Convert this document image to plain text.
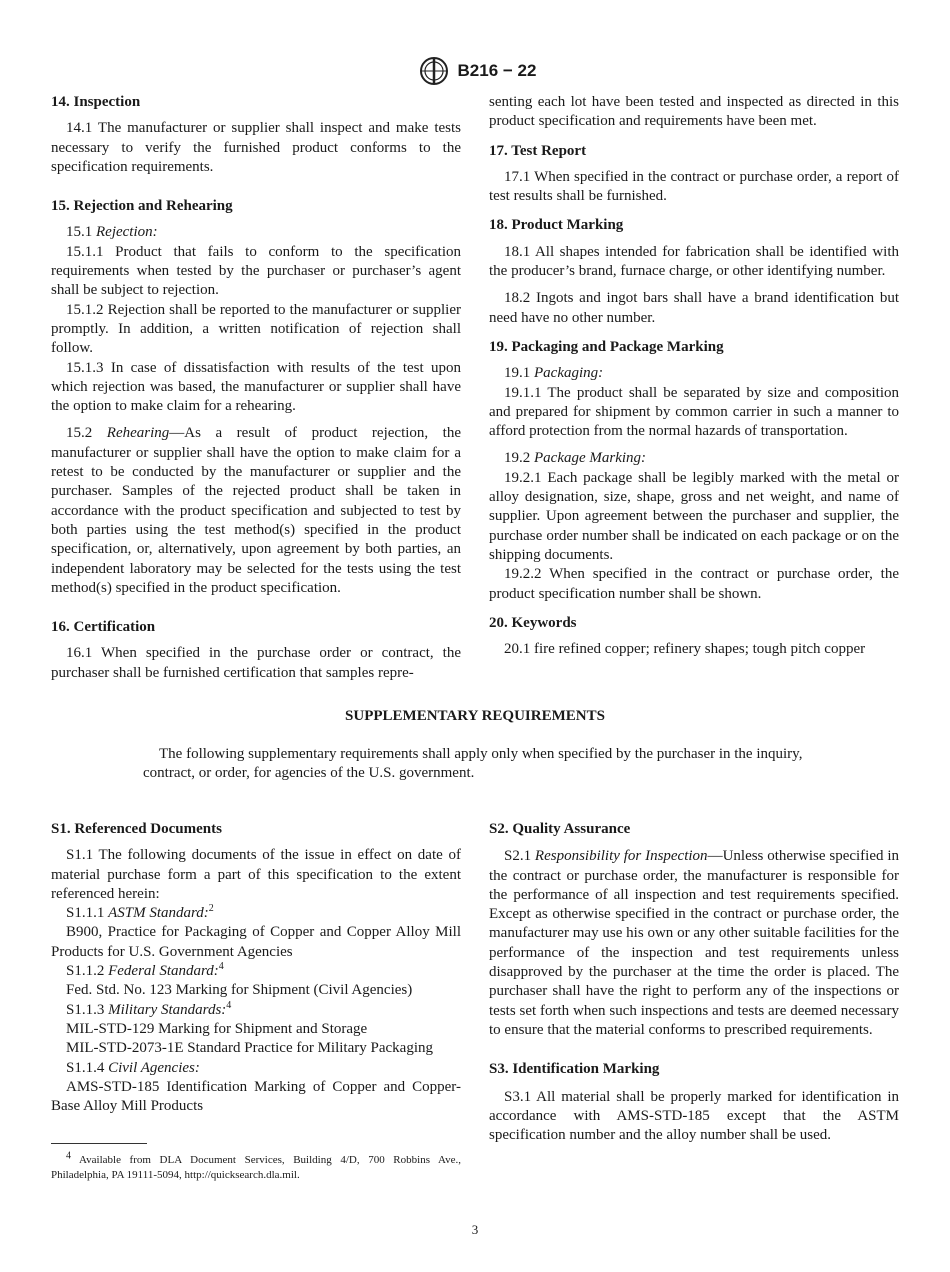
B216 − 22

14. Inspection

14.1 The manufacturer or supplier shall inspect and make tests necessary to verify the furnished product conforms to the specification requirements.

15. Rejection and Rehearing

15.1 Rejection:

15.1.1 Product that fails to conform to the specification requirements when tested by the purchaser or purchaser’s agent shall be subject to rejection.

15.1.2 Rejection shall be reported to the manufacturer or supplier promptly. In addition, a written notification of rejection shall follow.

15.1.3 In case of dissatisfaction with results of the test upon which rejection was based, the manufacturer or supplier shall have the option to make claim for a rehearing.

15.2 Rehearing—As a result of product rejection, the manufacturer or supplier shall have the option to make claim for a retest to be conducted by the manufacturer or supplier and the purchaser. Samples of the rejected product shall be taken in accordance with the product specification and subjected to test by both parties using the test method(s) specified in the product specification, or, alternatively, upon agreement by both parties, an independent laboratory may be selected for the tests using the test method(s) specified in the product specification.

16. Certification

16.1 When specified in the purchase order or contract, the purchaser shall be furnished certification that samples repre-

senting each lot have been tested and inspected as directed in this product specification and requirements have been met.

17. Test Report

17.1 When specified in the contract or purchase order, a report of test results shall be furnished.

18. Product Marking

18.1 All shapes intended for fabrication shall be identified with the producer’s brand, furnace charge, or other identifying number.

18.2 Ingots and ingot bars shall have a brand identification but need have no other number.

19. Packaging and Package Marking

19.1 Packaging:

19.1.1 The product shall be separated by size and composition and prepared for shipment by common carrier in such a manner to afford protection from the normal hazards of transportation.

19.2 Package Marking:

19.2.1 Each package shall be legibly marked with the metal or alloy designation, size, shape, gross and net weight, and name of supplier. Upon agreement between the purchaser and supplier, the purchase order number shall be indicated on each package or on the shipping documents.

19.2.2 When specified in the contract or purchase order, the product specification number shall be shown.

20. Keywords

20.1 fire refined copper; refinery shapes; tough pitch copper

SUPPLEMENTARY REQUIREMENTS

The following supplementary requirements shall apply only when specified by the purchaser in the inquiry, contract, or order, for agencies of the U.S. government.

S1. Referenced Documents

S1.1 The following documents of the issue in effect on date of material purchase form a part of this specification to the extent referenced herein:

S1.1.1 ASTM Standard:$^2$

B900, Practice for Packaging of Copper and Copper Alloy Mill Products for U.S. Government Agencies

S1.1.2 Federal Standard:$^4$

Fed. Std. No. 123 Marking for Shipment (Civil Agencies)

S1.1.3 Military Standards:$^4$

MIL-STD-129 Marking for Shipment and Storage

MIL-STD-2073-1E Standard Practice for Military Packaging

S1.1.4 Civil Agencies:

AMS-STD-185 Identification Marking of Copper and Copper-Base Alloy Mill Products

S2. Quality Assurance

S2.1 Responsibility for Inspection—Unless otherwise specified in the contract or purchase order, the manufacturer is responsible for the performance of all inspection and test requirements specified. Except as otherwise specified in the contract or purchase order, the manufacturer may use his own or any other suitable facilities for the performance of the inspection and test requirements unless disapproved by the purchaser at the time the order is placed. The purchaser shall have the right to perform any of the inspections or tests set forth when such inspections and tests are deemed necessary to ensure that the material conforms to prescribed requirements.

S3. Identification Marking

S3.1 All material shall be properly marked for identification in accordance with AMS-STD-185 except that the ASTM specification number and the alloy number shall be used.

$^4$ Available from DLA Document Services, Building 4/D, 700 Robbins Ave., Philadelphia, PA 19111-5094, http://quicksearch.dla.mil.
3
